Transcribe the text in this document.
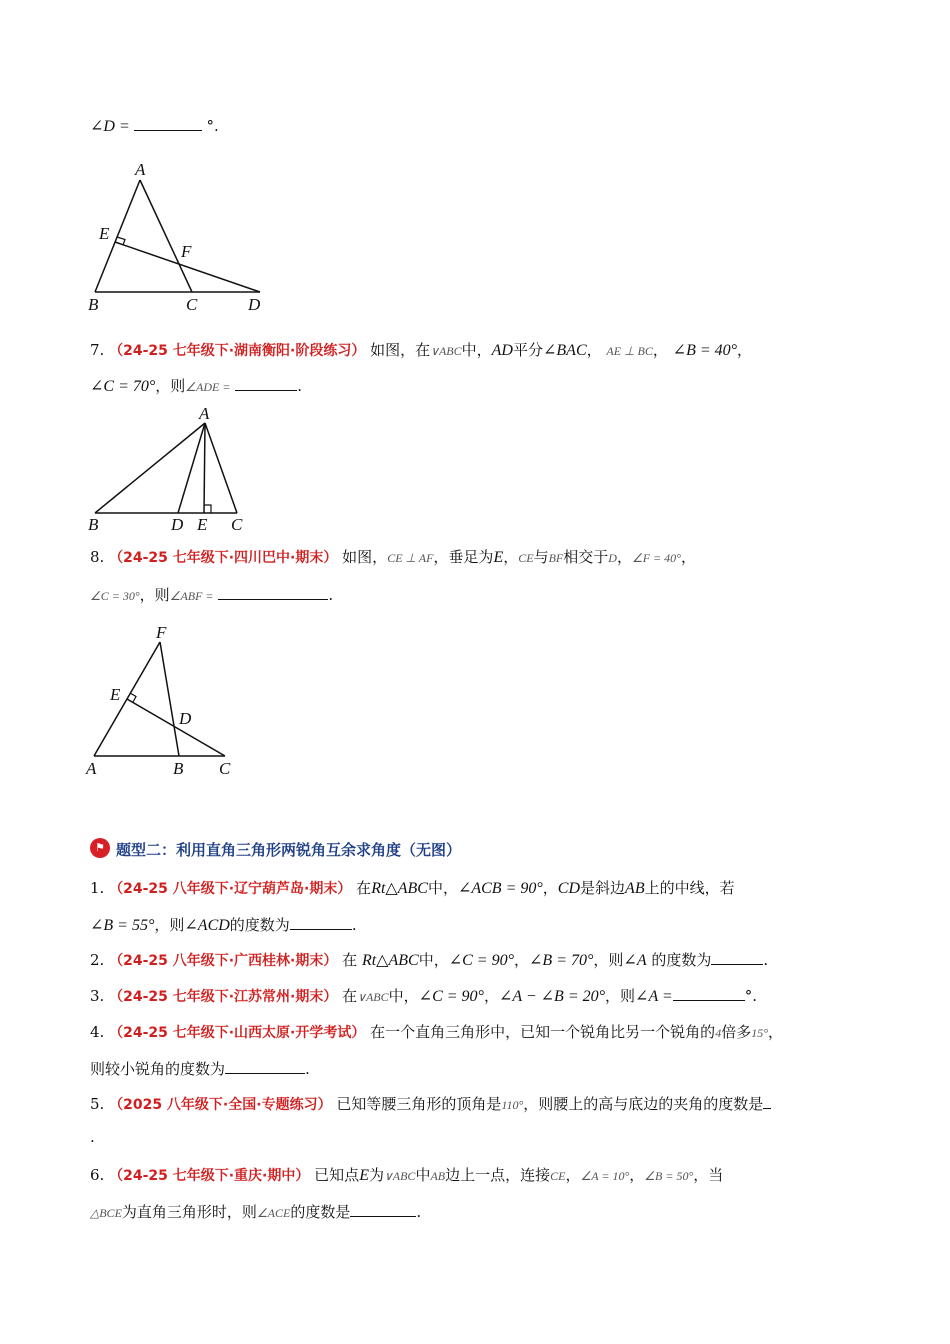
∠D =	°.
A
E
F
B	C	D
7. （24-25 七年级下·湖南衡阳·阶段练习） 如图，在∨ABC中，AD平分∠BAC， AE ⊥ BC， ∠B = 40°，
∠C = 70°，则∠ADE =	.
A
B	D E C
8. （24-25 七年级下·四川巴中·期末） 如图，CE ⊥ AF，垂足为E，CE与BF相交于D，∠F = 40°，
∠C = 30°，则∠ABF =	.
F
E
D
A	B C
⚑ 题型二：利用直角三角形两锐角互余求角度（无图）
1. （24-25 八年级下·辽宁葫芦岛·期末） 在Rt△ABC中，∠ACB = 90°，CD是斜边AB上的中线，若
∠B = 55°，则∠ACD的度数为	.
2. （24-25 八年级下·广西桂林·期末） 在 Rt△ABC中，∠C = 90°，∠B = 70°，则∠A 的度数为	.
3. （24-25 七年级下·江苏常州·期末） 在∨ABC中，∠C = 90°，∠A − ∠B = 20°，则∠A =	°.
4. （24-25 七年级下·山西太原·开学考试） 在一个直角三角形中，已知一个锐角比另一个锐角的4倍多15°，
则较小锐角的度数为	.
5. （2025 八年级下·全国·专题练习） 已知等腰三角形的顶角是110°，则腰上的高与底边的夹角的度数是
.
6. （24-25 七年级下·重庆·期中） 已知点E为∨ABC中AB边上一点，连接CE，∠A = 10°，∠B = 50°，当
△BCE为直角三角形时，则∠ACE的度数是	.
